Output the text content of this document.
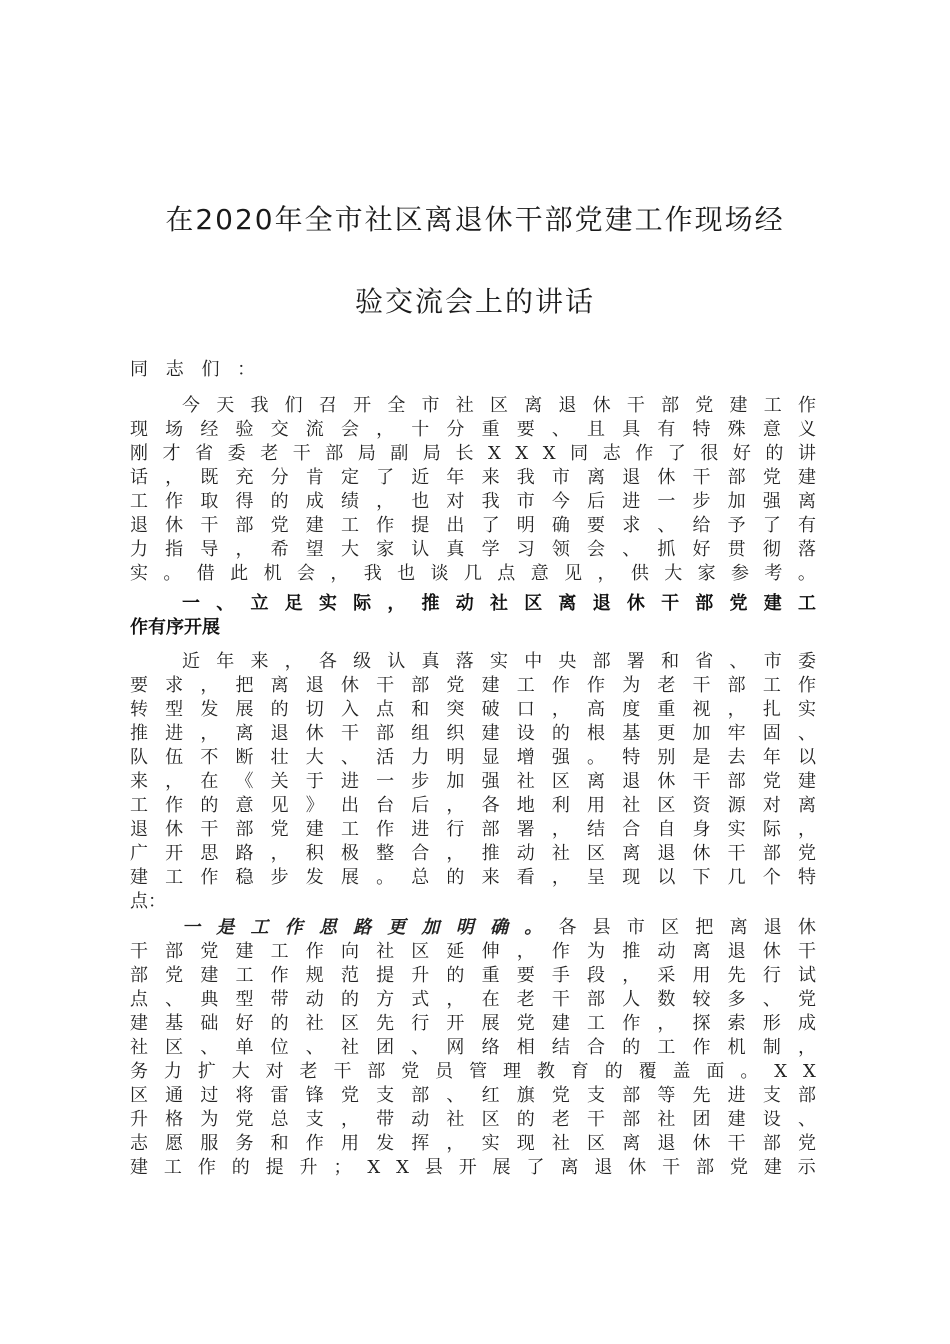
在2020年全市社区离退休干部党建工作现场经
验交流会上的讲话
同 志 们 ：
今 天 我 们 召 开 全 市 社 区 离 退 休 干 部 党 建 工 作
现 场 经 验 交 流 会 ， 十 分 重 要 、 且 具 有 特 殊 意 义
刚 才 省 委 老 干 部 局 副 局 长 X X X 同 志 作 了 很 好 的 讲
话 ， 既 充 分 肯 定 了 近 年 来 我 市 离 退 休 干 部 党 建
工 作 取 得 的 成 绩 ， 也 对 我 市 今 后 进 一 步 加 强 离
退 休 干 部 党 建 工 作 提 出 了 明 确 要 求 、 给 予 了 有
力 指 导 ， 希 望 大 家 认 真 学 习 领 会 、 抓 好 贯 彻 落
实 。 借 此 机 会 ， 我 也 谈 几 点 意 见 ， 供 大 家 参 考 。
一 、 立 足 实 际 ， 推 动 社 区 离 退 休 干 部 党 建 工
作有序开展
近 年 来 ， 各 级 认 真 落 实 中 央 部 署 和 省 、 市 委
要 求 ， 把 离 退 休 干 部 党 建 工 作 作 为 老 干 部 工 作
转 型 发 展 的 切 入 点 和 突 破 口 ， 高 度 重 视 ， 扎 实
推 进 ， 离 退 休 干 部 组 织 建 设 的 根 基 更 加 牢 固 、
队 伍 不 断 壮 大 、 活 力 明 显 增 强 。 特 别 是 去 年 以
来 ， 在 《 关 于 进 一 步 加 强 社 区 离 退 休 干 部 党 建
工 作 的 意 见 》 出 台 后 ， 各 地 利 用 社 区 资 源 对 离
退 休 干 部 党 建 工 作 进 行 部 署 ， 结 合 自 身 实 际 ，
广 开 思 路 ， 积 极 整 合 ， 推 动 社 区 离 退 休 干 部 党
建 工 作 稳 步 发 展 。 总 的 来 看 ， 呈 现 以 下 几 个 特
点：
一是工作思路更加明确。各县市区把离退休
干 部 党 建 工 作 向 社 区 延 伸 ， 作 为 推 动 离 退 休 干
部 党 建 工 作 规 范 提 升 的 重 要 手 段 ， 采 用 先 行 试
点 、 典 型 带 动 的 方 式 ， 在 老 干 部 人 数 较 多 、 党
建 基 础 好 的 社 区 先 行 开 展 党 建 工 作 ， 探 索 形 成
社 区 、 单 位 、 社 团 、 网 络 相 结 合 的 工 作 机 制 ，
务 力 扩 大 对 老 干 部 党 员 管 理 教 育 的 覆 盖 面 。 X X
区 通 过 将 雷 锋 党 支 部 、 红 旗 党 支 部 等 先 进 支 部
升 格 为 党 总 支 ， 带 动 社 区 的 老 干 部 社 团 建 设 、
志 愿 服 务 和 作 用 发 挥 ， 实 现 社 区 离 退 休 干 部 党
建 工 作 的 提 升 ； X X 县 开 展 了 离 退 休 干 部 党 建 示
